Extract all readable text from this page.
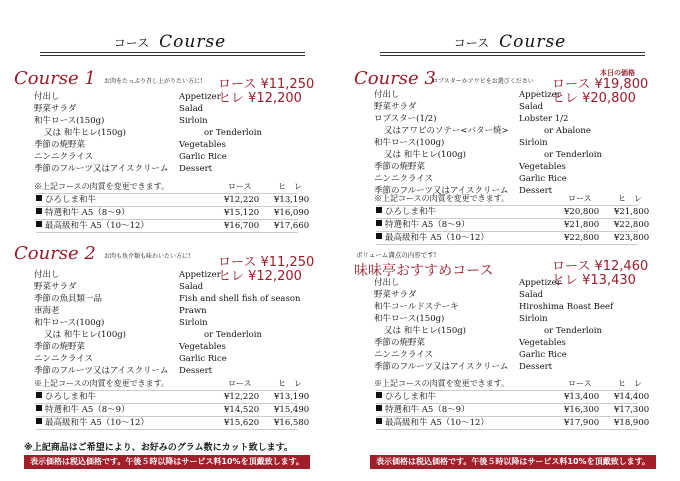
コース Course
Course 1 お肉をたっぷり召し上がりたい方に! ロース ¥11,250
ヒレ ¥12,200
Course 2 お肉も魚介類も味わいたい方に! ロース ¥11,250
ヒレ ¥12,200
※上記商品はご希望により、お好みのグラム数にカット致します。
表示価格は税込価格です。午後５時以降はサービス料10%を頂戴致します。
付出し	Appetizer
野菜サラダ	Salad
和牛ロース(150g)	Sirloin
又は 和牛ヒレ(150g)	or Tenderloin
季節の焼野菜	Vegetables
ニンニクライス	Garlic Rice
季節のフルーツ又はアイスクリーム Dessert
※上記コースの肉質を変更できます。	ロース	ヒ　レ
ひろしま和牛	¥12,220 ¥13,190
特選和牛 A5（8〜9）	¥15,120 ¥16,090
最高級和牛 A5（10〜12）	¥16,700 ¥17,660
付出し	Appetizer
野菜サラダ	Salad
季節の魚貝類一品	Fish and shell fish of season
車海老	Prawn
和牛ロース(100g)	Sirloin
又は 和牛ヒレ(100g)	or Tenderloin
季節の焼野菜	Vegetables
ニンニクライス	Garlic Rice
季節のフルーツ又はアイスクリーム Dessert
※上記コースの肉質を変更できます。	ロース	ヒ　レ
ひろしま和牛	¥12,220 ¥13,190
特選和牛 A5（8〜9）	¥14,520 ¥15,490
最高級和牛 A5（10〜12）	¥15,620 ¥16,580
コース Course
Course 3
ロブスターかアワビをお選びください
本日の価格
ロース ¥19,800
ヒレ ¥20,800
ボリューム満点の内容です!
味味亭おすすめコース	ロース ¥12,460
ヒレ ¥13,430
表示価格は税込価格です。午後５時以降はサービス料10%を頂戴致します。
付出し	Appetizer
野菜サラダ	Salad
ロブスター(1/2)	Lobster 1/2
又はアワビのソテー<バター焼>	or Abalone
和牛ロース(100g)	Sirloin
又は 和牛ヒレ(100g)	or Tenderloin
季節の焼野菜	Vegetables
ニンニクライス	Garlic Rice
季節のフルーツ又はアイスクリーム Dessert
※上記コースの肉質を変更できます。	ロース	ヒ　レ
ひろしま和牛	¥20,800 ¥21,800
特選和牛 A5（8〜9）	¥21,800 ¥22,800
最高級和牛 A5（10〜12）	¥22,800 ¥23,800
付出し	Appetizer
野菜サラダ	Salad
和牛コールドステーキ	Hiroshima Roast Beef
和牛ロース(150g)	Sirloin
又は 和牛ヒレ(150g)	or Tenderloin
季節の焼野菜	Vegetables
ニンニクライス	Garlic Rice
季節のフルーツ又はアイスクリーム Dessert
※上記コースの肉質を変更できます。	ロース	ヒ　レ
ひろしま和牛	¥13,400 ¥14,400
特選和牛 A5（8〜9）	¥16,300 ¥17,300
最高級和牛 A5（10〜12）	¥17,900 ¥18,900
